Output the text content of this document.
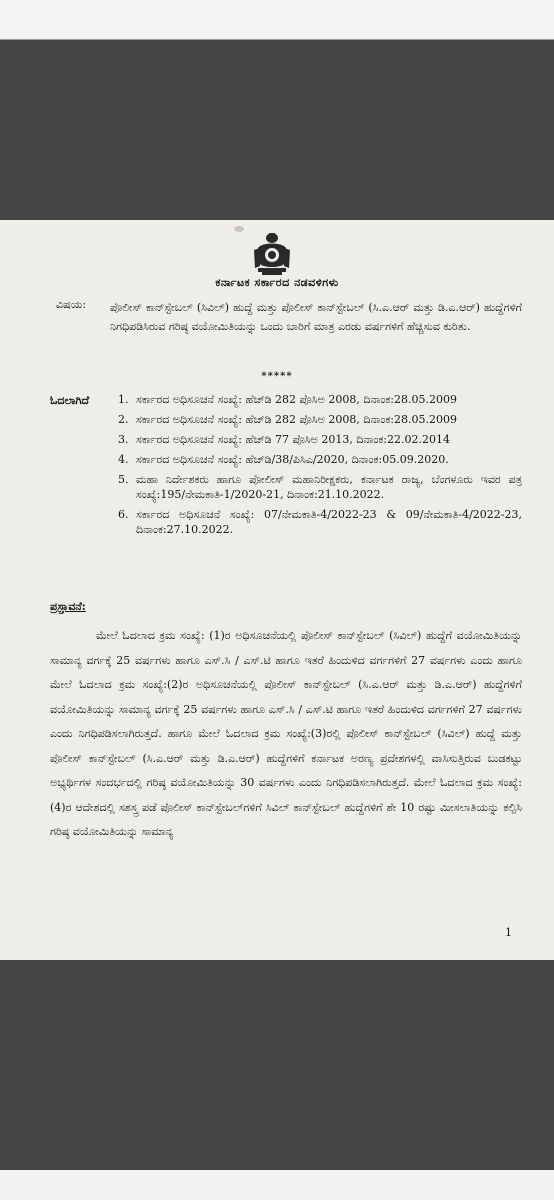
ಕರ್ನಾಟಕ ಸರ್ಕಾರದ ನಡವಳಿಗಳು
ವಿಷಯ: ಪೊಲೀಸ್ ಕಾನ್‌ಸ್ಟೇಬಲ್ (ಸಿವಿಲ್) ಹುದ್ದೆ ಮತ್ತು ಪೊಲೀಸ್ ಕಾನ್‌ಸ್ಟೇಬಲ್ (ಸಿ.ಎ.ಆರ್ ಮತ್ತು ಡಿ.ಎ.ಆರ್) ಹುದ್ದೆಗಳಿಗೆ ನಿಗಧಿಪಡಿಸಿರುವ ಗರಿಷ್ಠ ವಯೋಮಿತಿಯನ್ನು ಒಂದು ಬಾರಿಗೆ ಮಾತ್ರ ಎರಡು ವರ್ಷಗಳಿಗೆ ಹೆಚ್ಚಿಸುವ ಕುರಿತು.
*****
ಓದಲಾಗಿದೆ	1. ಸರ್ಕಾರದ ಅಧಿಸೂಚನೆ ಸಂಖ್ಯೆ: ಹೆಚ್‌ಡಿ 282 ಪೊಸಿಅ 2008, ದಿನಾಂಕ:28.05.2009
2. ಸರ್ಕಾರದ ಅಧಿಸೂಚನೆ ಸಂಖ್ಯೆ: ಹೆಚ್‌ಡಿ 282 ಪೊಸಿಅ 2008, ದಿನಾಂಕ:28.05.2009
3. ಸರ್ಕಾರದ ಅಧಿಸೂಚನೆ ಸಂಖ್ಯೆ: ಹೆಚ್‌ಡಿ 77 ಪೊಸಿಅ 2013, ದಿನಾಂಕ:22.02.2014
4. ಸರ್ಕಾರದ ಅಧಿಸೂಚನೆ ಸಂಖ್ಯೆ: ಹೆಚ್‌ಡಿ/38/ಪಿಸಿಎ/2020, ದಿನಾಂಕ:05.09.2020.
5. ಮಹಾ ನಿರ್ದೇಶಕರು ಹಾಗೂ ಪೋಲೀಸ್ ಮಹಾನಿರೀಕ್ಷಕರು, ಕರ್ನಾಟಕ ರಾಜ್ಯ, ಬೆಂಗಳೂರು ಇವರ ಪತ್ರ ಸಂಖ್ಯೆ:195/ನೇಮಕಾತಿ-1/2020-21, ದಿನಾಂಕ:21.10.2022.
6. ಸರ್ಕಾರದ ಅಧಿಸೂಚನೆ ಸಂಖ್ಯೆ: 07/ನೇಮಕಾತಿ-4/2022-23 & 09/ನೇಮಕಾತಿ-4/2022-23, ದಿನಾಂಕ:27.10.2022.
ಪ್ರಸ್ತಾವನೆ:

ಮೇಲೆ ಓದಲಾದ ಕ್ರಮ ಸಂಖ್ಯೆ: (1)ರ ಅಧಿಸೂಚನೆಯಲ್ಲಿ ಪೊಲೀಸ್ ಕಾನ್‌ಸ್ಟೇಬಲ್ (ಸಿವಿಲ್) ಹುದ್ದೆಗೆ ವಯೋಮಿತಿಯನ್ನು ಸಾಮಾನ್ಯ ವರ್ಗಕ್ಕೆ 25 ವರ್ಷಗಳು ಹಾಗೂ ಎಸ್.ಸಿ / ಎಸ್.ಟಿ ಹಾಗೂ ಇತರೆ ಹಿಂದುಳಿದ ವರ್ಗಗಳಿಗೆ 27 ವರ್ಷಗಳು ಎಂದು ಹಾಗೂ ಮೇಲೆ ಓದಲಾದ ಕ್ರಮ ಸಂಖ್ಯೆ:(2)ರ ಅಧಿಸೂಚನೆಯಲ್ಲಿ ಪೊಲೀಸ್ ಕಾನ್‌ಸ್ಟೇಬಲ್ (ಸಿ.ಎ.ಆರ್ ಮತ್ತು ಡಿ.ಎ.ಆರ್) ಹುದ್ದೆಗಳಿಗೆ ವಯೋಮಿತಿಯನ್ನು ಸಾಮಾನ್ಯ ವರ್ಗಕ್ಕೆ 25 ವರ್ಷಗಳು ಹಾಗೂ ಎಸ್.ಸಿ / ಎಸ್.ಟಿ ಹಾಗೂ ಇತರೆ ಹಿಂದುಳಿದ ವರ್ಗಗಳಿಗೆ 27 ವರ್ಷಗಳು ಎಂದು ನಿಗಧಿಪಡಿಸಲಾಗಿರುತ್ತದೆ. ಹಾಗೂ ಮೇಲೆ ಓದಲಾದ ಕ್ರಮ ಸಂಖ್ಯೆ:(3)ರಲ್ಲಿ ಪೊಲೀಸ್ ಕಾನ್‌ಸ್ಟೇಬಲ್ (ಸಿವಿಲ್) ಹುದ್ದೆ ಮತ್ತು ಪೊಲೀಸ್ ಕಾನ್‌ಸ್ಟೇಬಲ್ (ಸಿ.ಎ.ಆರ್ ಮತ್ತು ಡಿ.ಎ.ಆರ್) ಹುದ್ದೆಗಳಿಗೆ ಕರ್ನಾಟಕ ಅರಣ್ಯ ಪ್ರದೇಶಗಳಲ್ಲಿ ವಾಸಿಸುತ್ತಿರುವ ಬುಡಕಟ್ಟು ಅಭ್ಯರ್ಥಿಗಳ ಸಂದರ್ಭದಲ್ಲಿ ಗರಿಷ್ಠ ವಯೋಮಿತಿಯನ್ನು 30 ವರ್ಷಗಳು ಎಂದು ನಿಗಧಿಪಡಿಸಲಾಗಿರುತ್ತದೆ. ಮೇಲೆ ಓದಲಾದ ಕ್ರಮ ಸಂಖ್ಯೆ:(4)ರ ಆದೇಶದಲ್ಲಿ ಸಶಸ್ತ್ರ ಪಡೆ ಪೊಲೀಸ್ ಕಾನ್‌ಸ್ಟೇಬಲ್‌ಗಳಿಗೆ ಸಿವಿಲ್ ಕಾನ್‌ಸ್ಟೇಬಲ್ ಹುದ್ದೆಗಳಿಗೆ ಶೇ 10 ರಷ್ಟು ಮೀಸಲಾತಿಯನ್ನು ಕಲ್ಪಿಸಿ ಗರಿಷ್ಠ ವಯೋಮಿತಿಯನ್ನು ಸಾಮಾನ್ಯ

1
